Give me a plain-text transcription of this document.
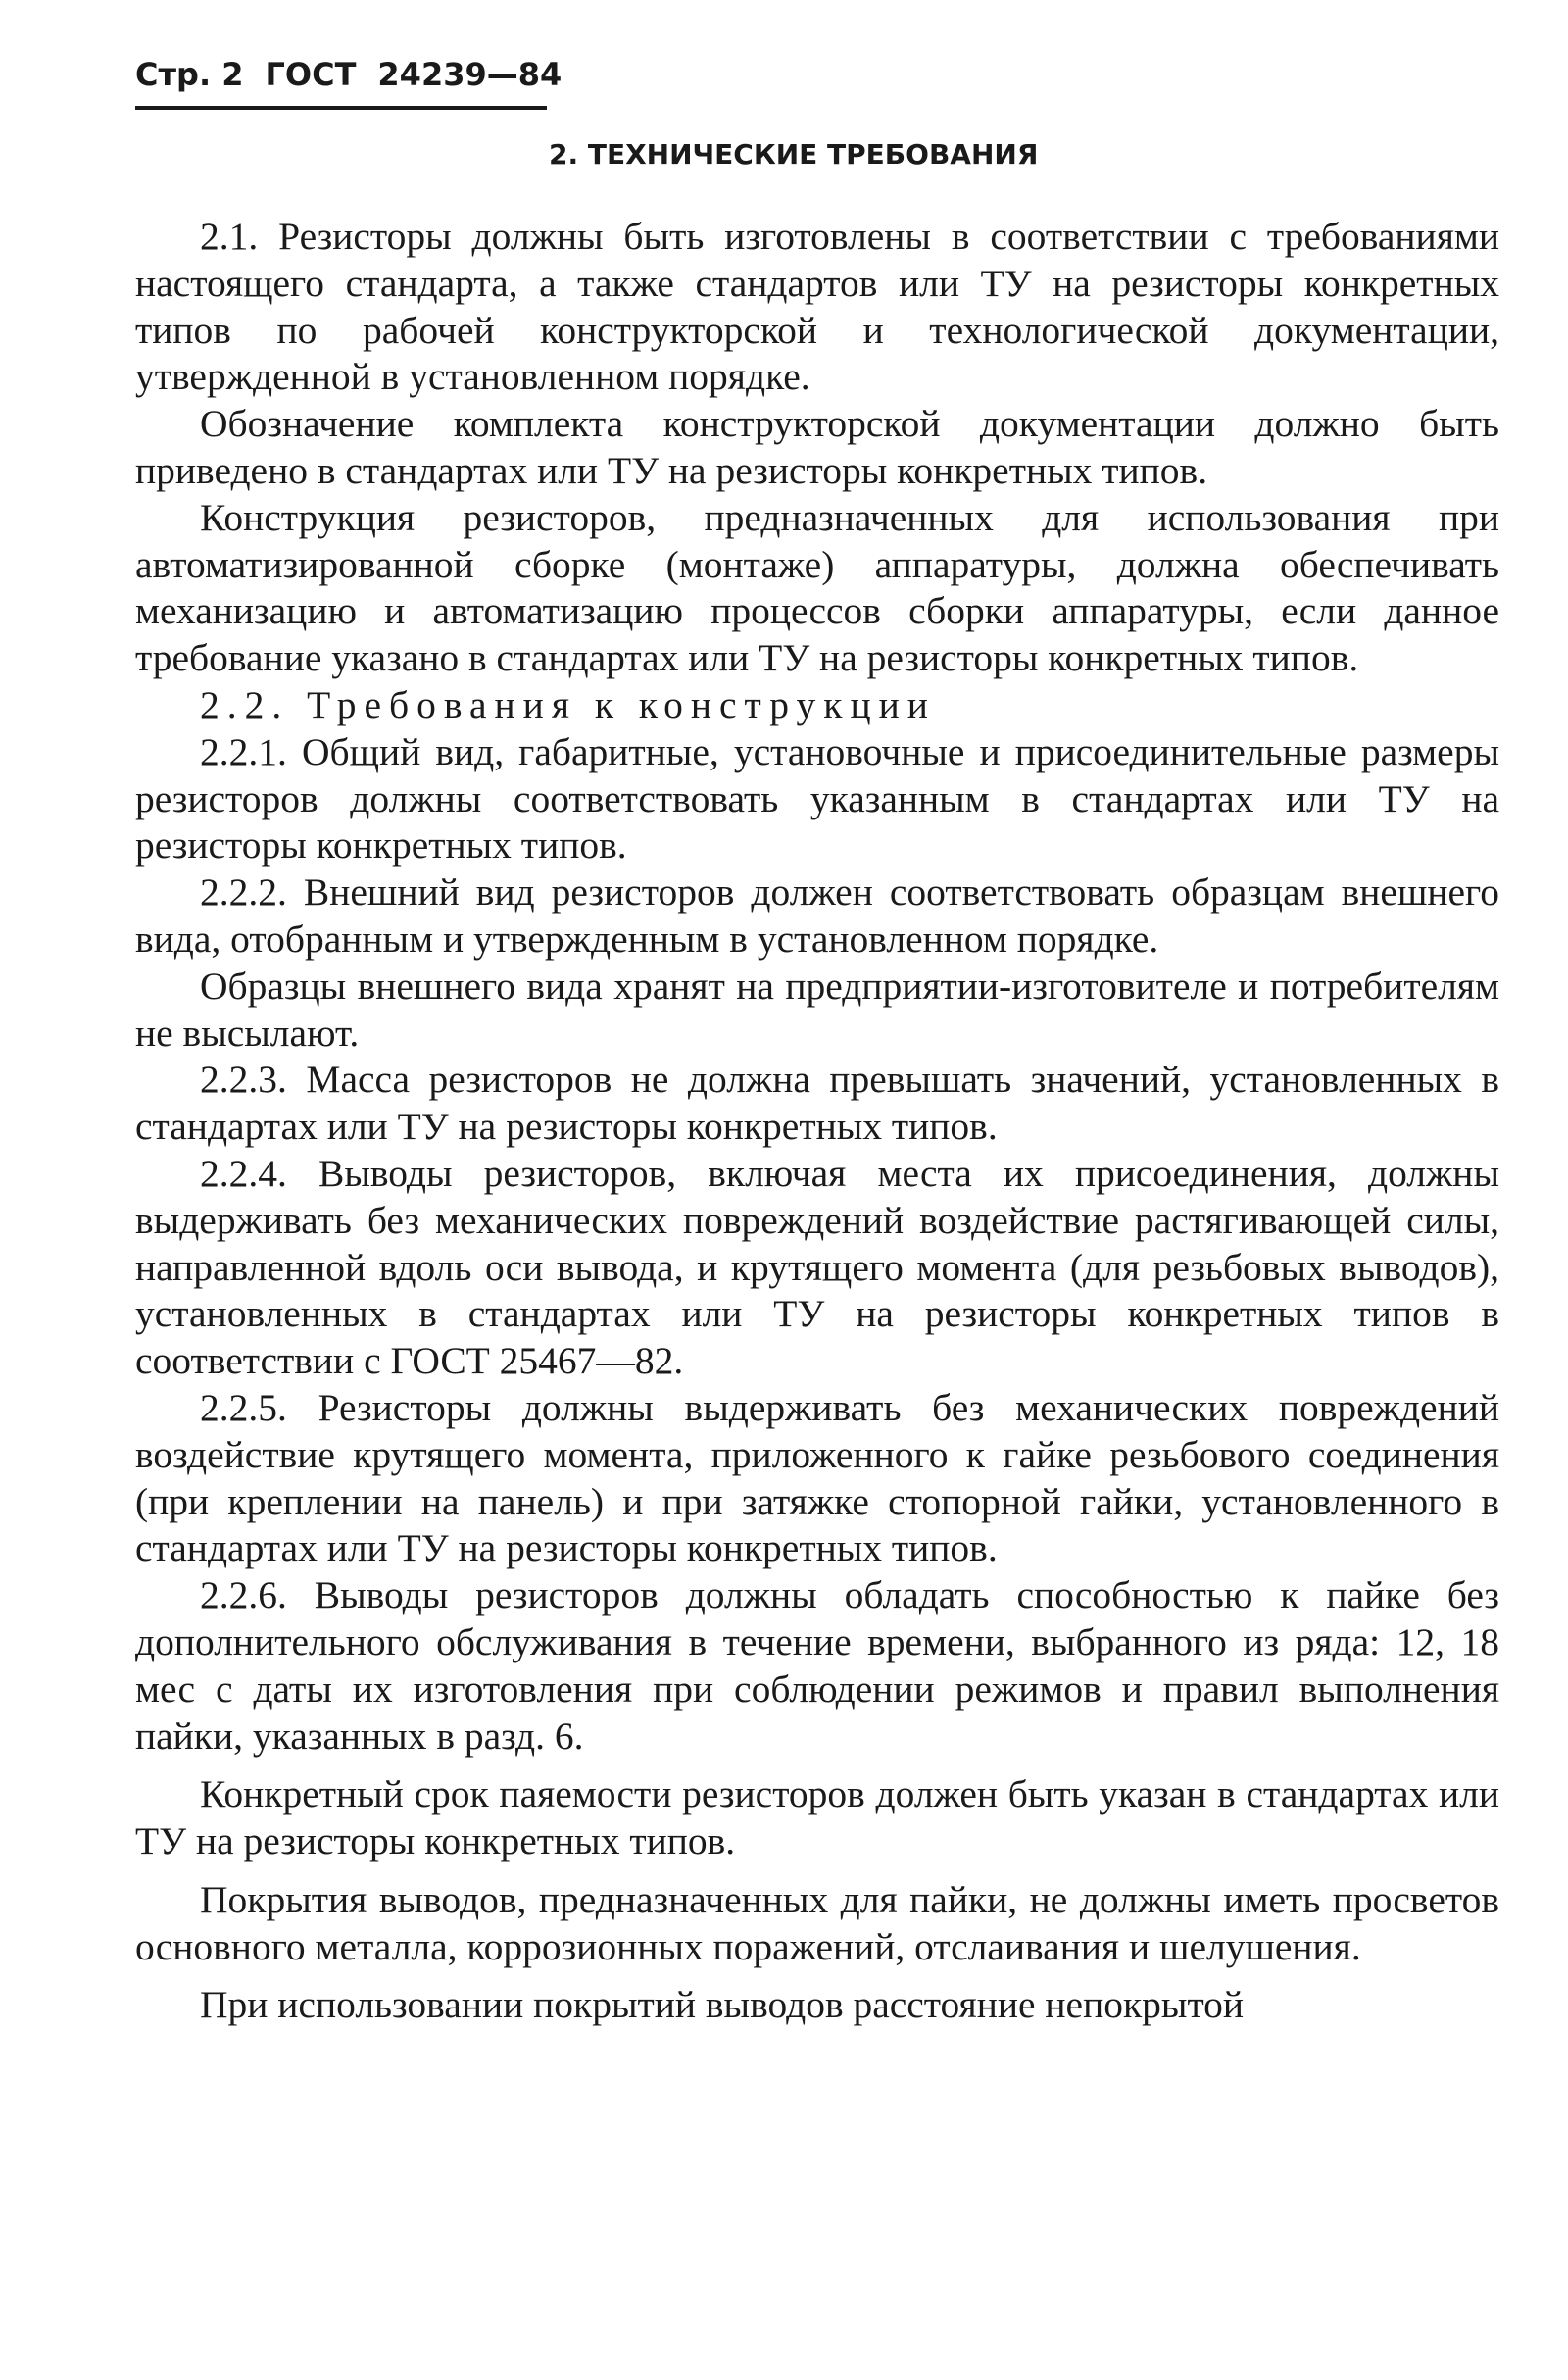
Стр. 2 ГОСТ 24239—84
2. ТЕХНИЧЕСКИЕ ТРЕБОВАНИЯ

2.1. Резисторы должны быть изготовлены в соответствии с требованиями настоящего стандарта, а также стандартов или ТУ на резисторы конкретных типов по рабочей конструкторской и технологической документации, утвержденной в установленном порядке.

Обозначение комплекта конструкторской документации должно быть приведено в стандартах или ТУ на резисторы конкретных типов.

Конструкция резисторов, предназначенных для использования при автоматизированной сборке (монтаже) аппаратуры, должна обеспечивать механизацию и автоматизацию процессов сборки аппаратуры, если данное требование указано в стандартах или ТУ на резисторы конкретных типов.

2.2. Требования к конструкции

2.2.1. Общий вид, габаритные, установочные и присоединительные размеры резисторов должны соответствовать указанным в стандартах или ТУ на резисторы конкретных типов.

2.2.2. Внешний вид резисторов должен соответствовать образцам внешнего вида, отобранным и утвержденным в установленном порядке.

Образцы внешнего вида хранят на предприятии-изготовителе и потребителям не высылают.

2.2.3. Масса резисторов не должна превышать значений, установленных в стандартах или ТУ на резисторы конкретных типов.

2.2.4. Выводы резисторов, включая места их присоединения, должны выдерживать без механических повреждений воздействие растягивающей силы, направленной вдоль оси вывода, и крутящего момента (для резьбовых выводов), установленных в стандартах или ТУ на резисторы конкретных типов в соответствии с ГОСТ 25467—82.

2.2.5. Резисторы должны выдерживать без механических повреждений воздействие крутящего момента, приложенного к гайке резьбового соединения (при креплении на панель) и при затяжке стопорной гайки, установленного в стандартах или ТУ на резисторы конкретных типов.

2.2.6. Выводы резисторов должны обладать способностью к пайке без дополнительного обслуживания в течение времени, выбранного из ряда: 12, 18 мес с даты их изготовления при соблюдении режимов и правил выполнения пайки, указанных в разд. 6.

Конкретный срок паяемости резисторов должен быть указан в стандартах или ТУ на резисторы конкретных типов.

Покрытия выводов, предназначенных для пайки, не должны иметь просветов основного металла, коррозионных поражений, отслаивания и шелушения.

При использовании покрытий выводов расстояние непокрытой
